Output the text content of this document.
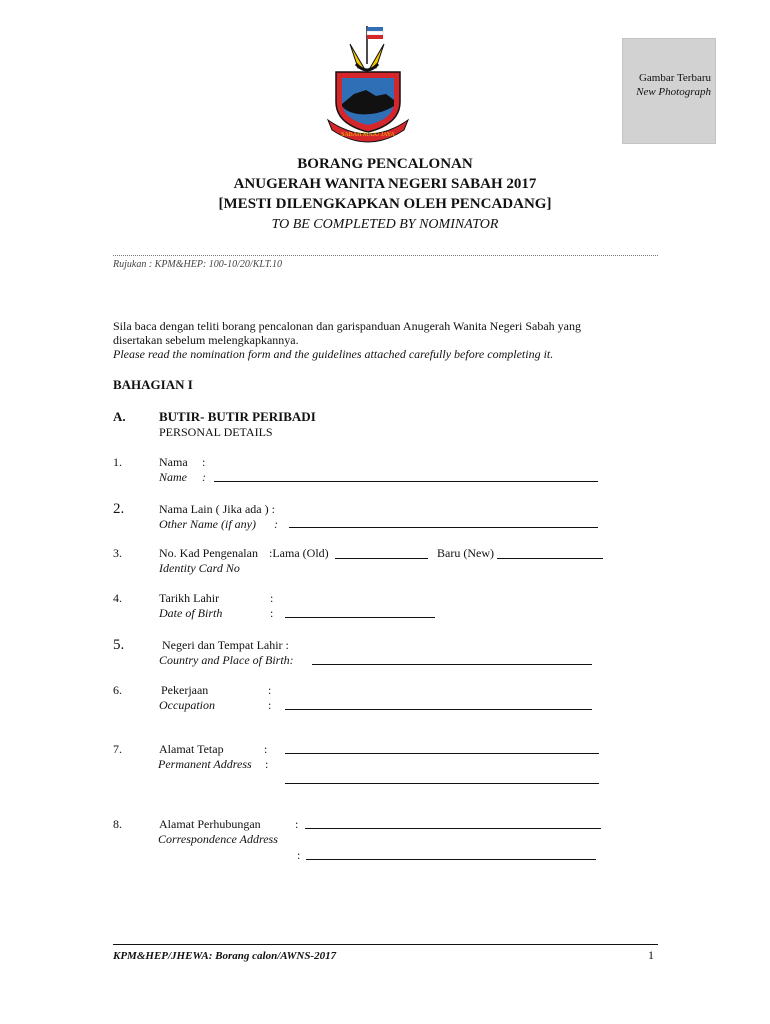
SABAH MAJU JAYA
Gambar Terbaru
New Photograph
BORANG PENCALONAN
ANUGERAH WANITA NEGERI SABAH 2017
[MESTI DILENGKAPKAN OLEH PENCADANG]
TO BE COMPLETED BY NOMINATOR
Rujukan : KPM&HEP: 100-10/20/KLT.10
Sila baca dengan teliti borang pencalonan dan garispanduan Anugerah Wanita Negeri Sabah yang
disertakan sebelum melengkapkannya.
Please read the nomination form and the guidelines attached carefully before completing it.
BAHAGIAN I
A.	BUTIR- BUTIR PERIBADI
PERSONAL DETAILS
1.	Nama :
Name :
2.	Nama Lain ( Jika ada ) :
Other Name (if any) :
3.	No. Kad Pengenalan :Lama (Old)	Baru (New)
Identity Card No
4.	Tarikh Lahir	:
Date of Birth	:
5.	Negeri dan Tempat Lahir :
Country and Place of Birth:
6.	Pekerjaan	:
Occupation	:
7.	Alamat Tetap	:
Permanent Address :
8.	Alamat Perhubungan	:
Correspondence Address
:
KPM&HEP/JHEWA: Borang calon/AWNS-2017	1
